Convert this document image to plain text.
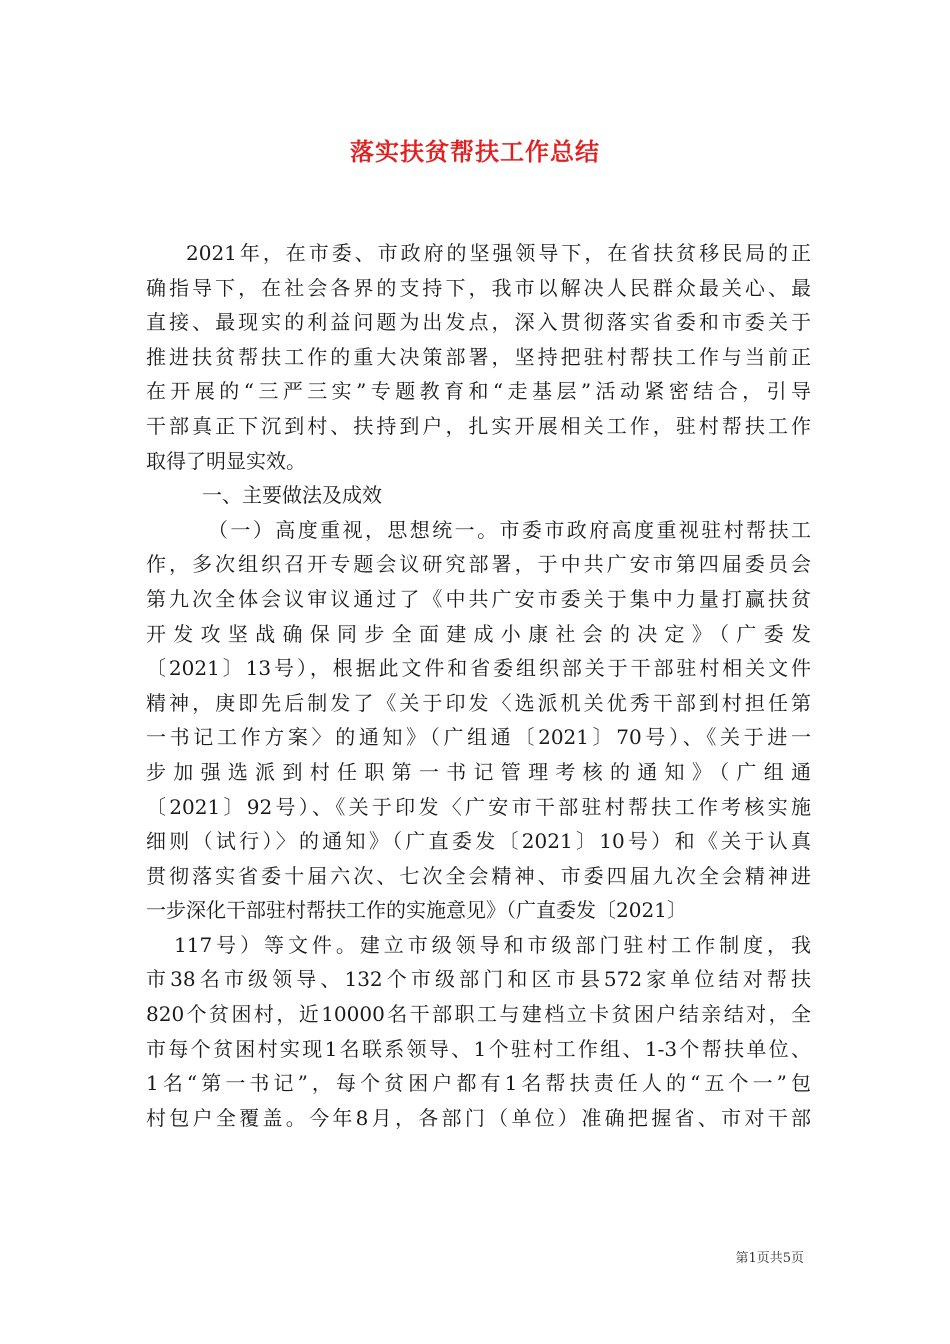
落实扶贫帮扶工作总结
2021年，在市委、市政府的坚强领导下，在省扶贫移民局的正
确指导下，在社会各界的支持下，我市以解决人民群众最关心、最
直接、最现实的利益问题为出发点，深入贯彻落实省委和市委关于
推进扶贫帮扶工作的重大决策部署，坚持把驻村帮扶工作与当前正
在开展的“三严三实”专题教育和“走基层”活动紧密结合，引导
干部真正下沉到村、扶持到户，扎实开展相关工作，驻村帮扶工作
取得了明显实效。
一、主要做法及成效
（一）高度重视，思想统一。市委市政府高度重视驻村帮扶工
作，多次组织召开专题会议研究部署，于中共广安市第四届委员会
第九次全体会议审议通过了《中共广安市委关于集中力量打赢扶贫
开发攻坚战确保同步全面建成小康社会的决定》（广委发
〔2021〕13号），根据此文件和省委组织部关于干部驻村相关文件
精神，庚即先后制发了《关于印发〈选派机关优秀干部到村担任第
一书记工作方案〉的通知》（广组通〔2021〕70号）、《关于进一
步加强选派到村任职第一书记管理考核的通知》（广组通
〔2021〕92号）、《关于印发〈广安市干部驻村帮扶工作考核实施
细则（试行）〉的通知》（广直委发〔2021〕10号）和《关于认真
贯彻落实省委十届六次、七次全会精神、市委四届九次全会精神进
一步深化干部驻村帮扶工作的实施意见》（广直委发〔2021〕
117号）等文件。建立市级领导和市级部门驻村工作制度，我
市38名市级领导、132个市级部门和区市县572家单位结对帮扶
820个贫困村，近10000名干部职工与建档立卡贫困户结亲结对，全
市每个贫困村实现1名联系领导、1个驻村工作组、1-3个帮扶单位、
1名“第一书记”，每个贫困户都有1名帮扶责任人的“五个一”包
村包户全覆盖。今年8月，各部门（单位）准确把握省、市对干部
第1页共5页
